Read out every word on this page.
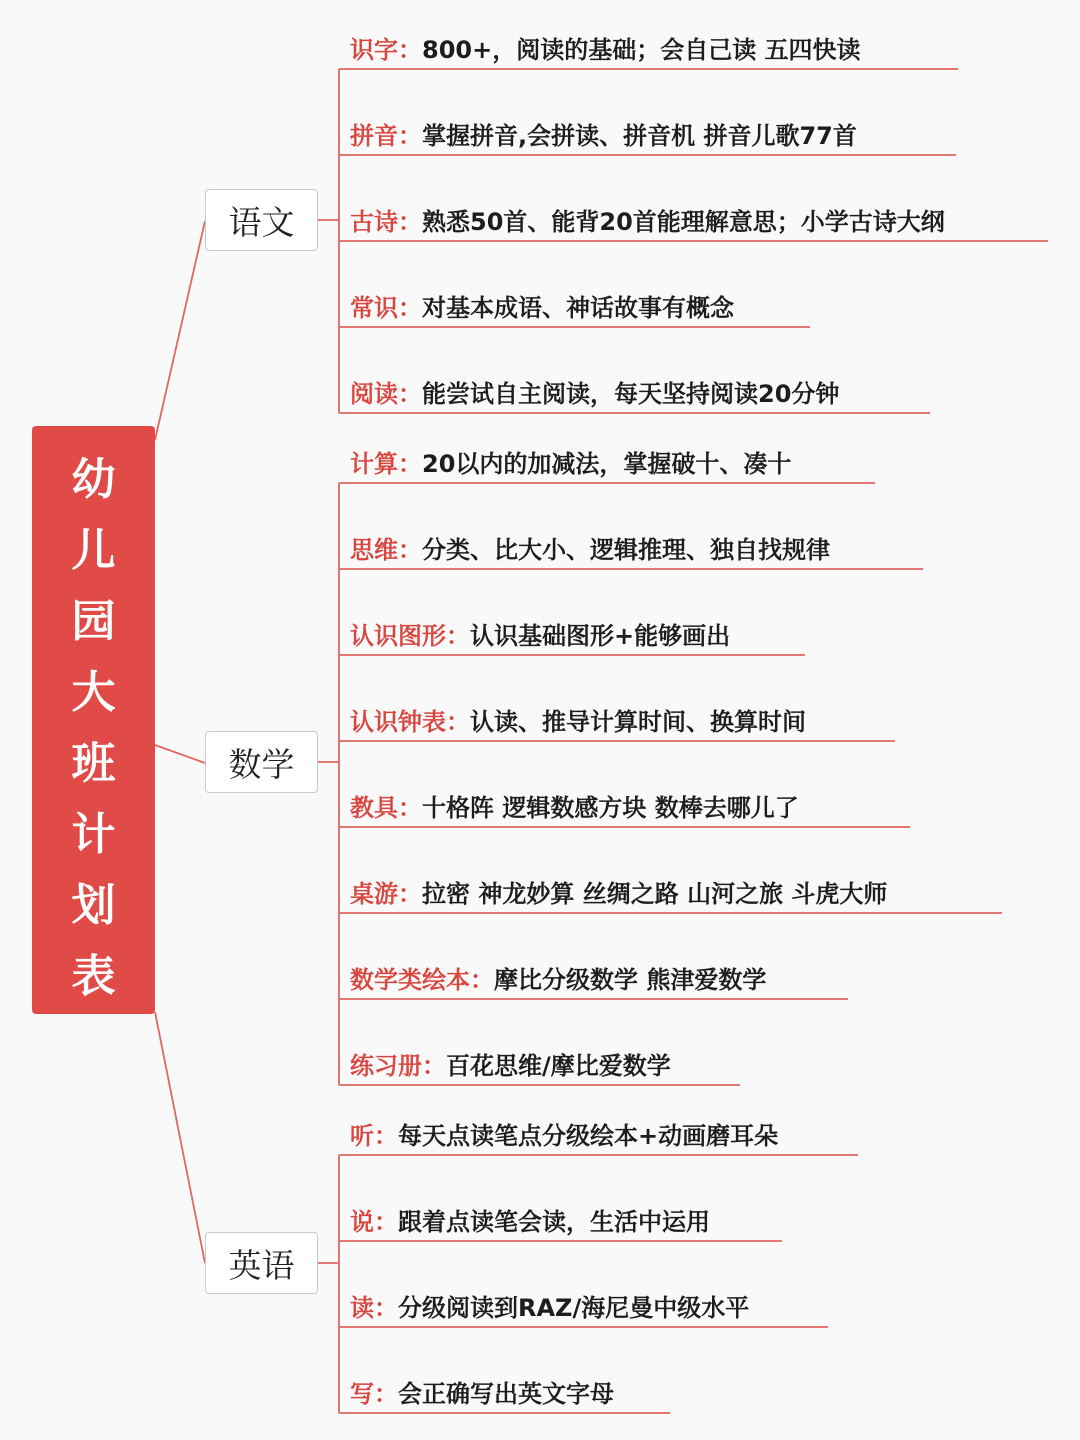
幼
儿
园
大
班
计
划
表
语文
识字：800+，阅读的基础；会自己读 五四快读
拼音：掌握拼音,会拼读、拼音机 拼音儿歌77首
古诗：熟悉50首、能背20首能理解意思；小学古诗大纲
常识：对基本成语、神话故事有概念
阅读：能尝试自主阅读，每天坚持阅读20分钟
数学
计算：20以内的加减法，掌握破十、凑十
思维：分类、比大小、逻辑推理、独自找规律
认识图形：认识基础图形+能够画出
认识钟表：认读、推导计算时间、换算时间
教具：十格阵 逻辑数感方块 数棒去哪儿了
桌游：拉密 神龙妙算 丝绸之路 山河之旅 斗虎大师
数学类绘本：摩比分级数学 熊津爱数学
练习册：百花思维/摩比爱数学
英语
听：每天点读笔点分级绘本+动画磨耳朵
说：跟着点读笔会读，生活中运用
读：分级阅读到RAZ/海尼曼中级水平
写：会正确写出英文字母
